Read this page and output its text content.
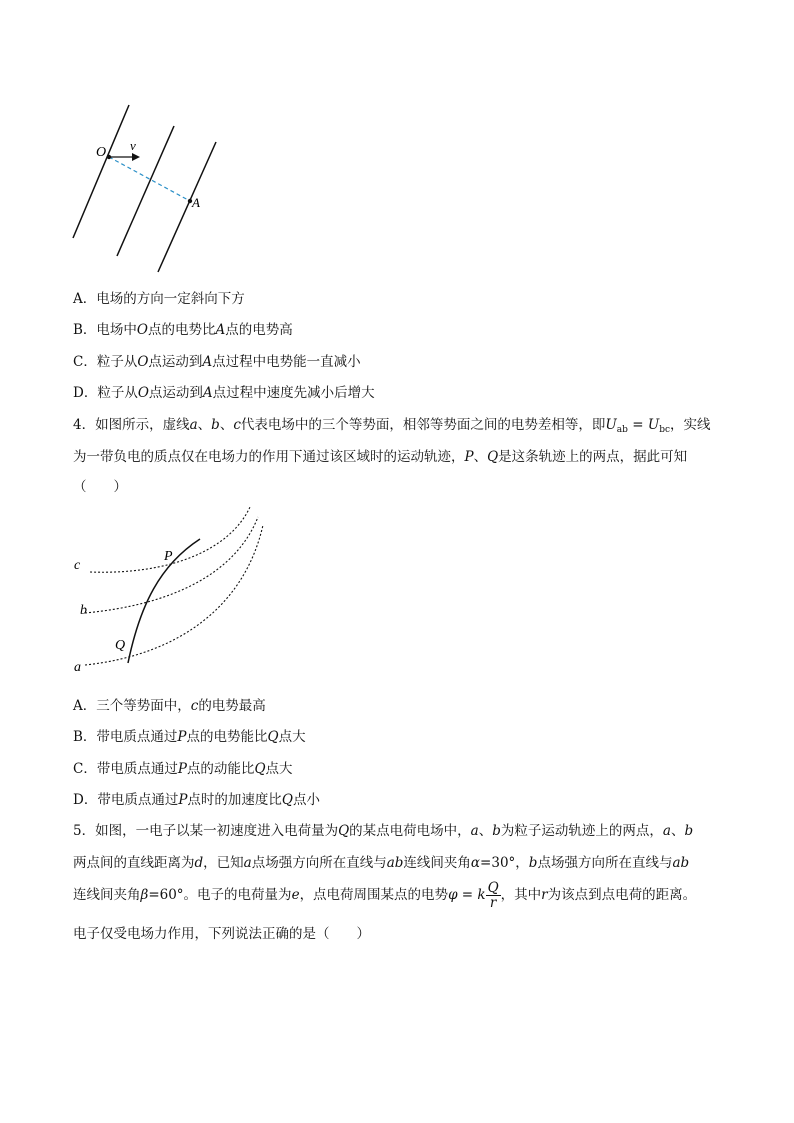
O v
A
A．电场的方向一定斜向下方
B．电场中O点的电势比A点的电势高
C．粒子从O点运动到A点过程中电势能一直减小
D．粒子从O点运动到A点过程中速度先减小后增大
4．如图所示，虚线a、b、c代表电场中的三个等势面，相邻等势面之间的电势差相等，即$U_{ab} = U_{bc}$，实线
为一带负电的质点仅在电场力的作用下通过该区域时的运动轨迹，P、Q是这条轨迹上的两点，据此可知
（　　）
c
b
a
P
Q
A．三个等势面中，c的电势最高
B．带电质点通过P点的电势能比Q点大
C．带电质点通过P点的动能比Q点大
D．带电质点通过P点时的加速度比Q点小
5．如图，一电子以某一初速度进入电荷量为Q的某点电荷电场中，a、b为粒子运动轨迹上的两点，a、b
两点间的直线距离为d，已知a点场强方向所在直线与ab连线间夹角α=30°，b点场强方向所在直线与ab
连线间夹角β=60°。电子的电荷量为e，点电荷周围某点的电势φ = k $\frac{Q}{r}$ ，其中r为该点到点电荷的距离。
电子仅受电场力作用，下列说法正确的是（　　）
